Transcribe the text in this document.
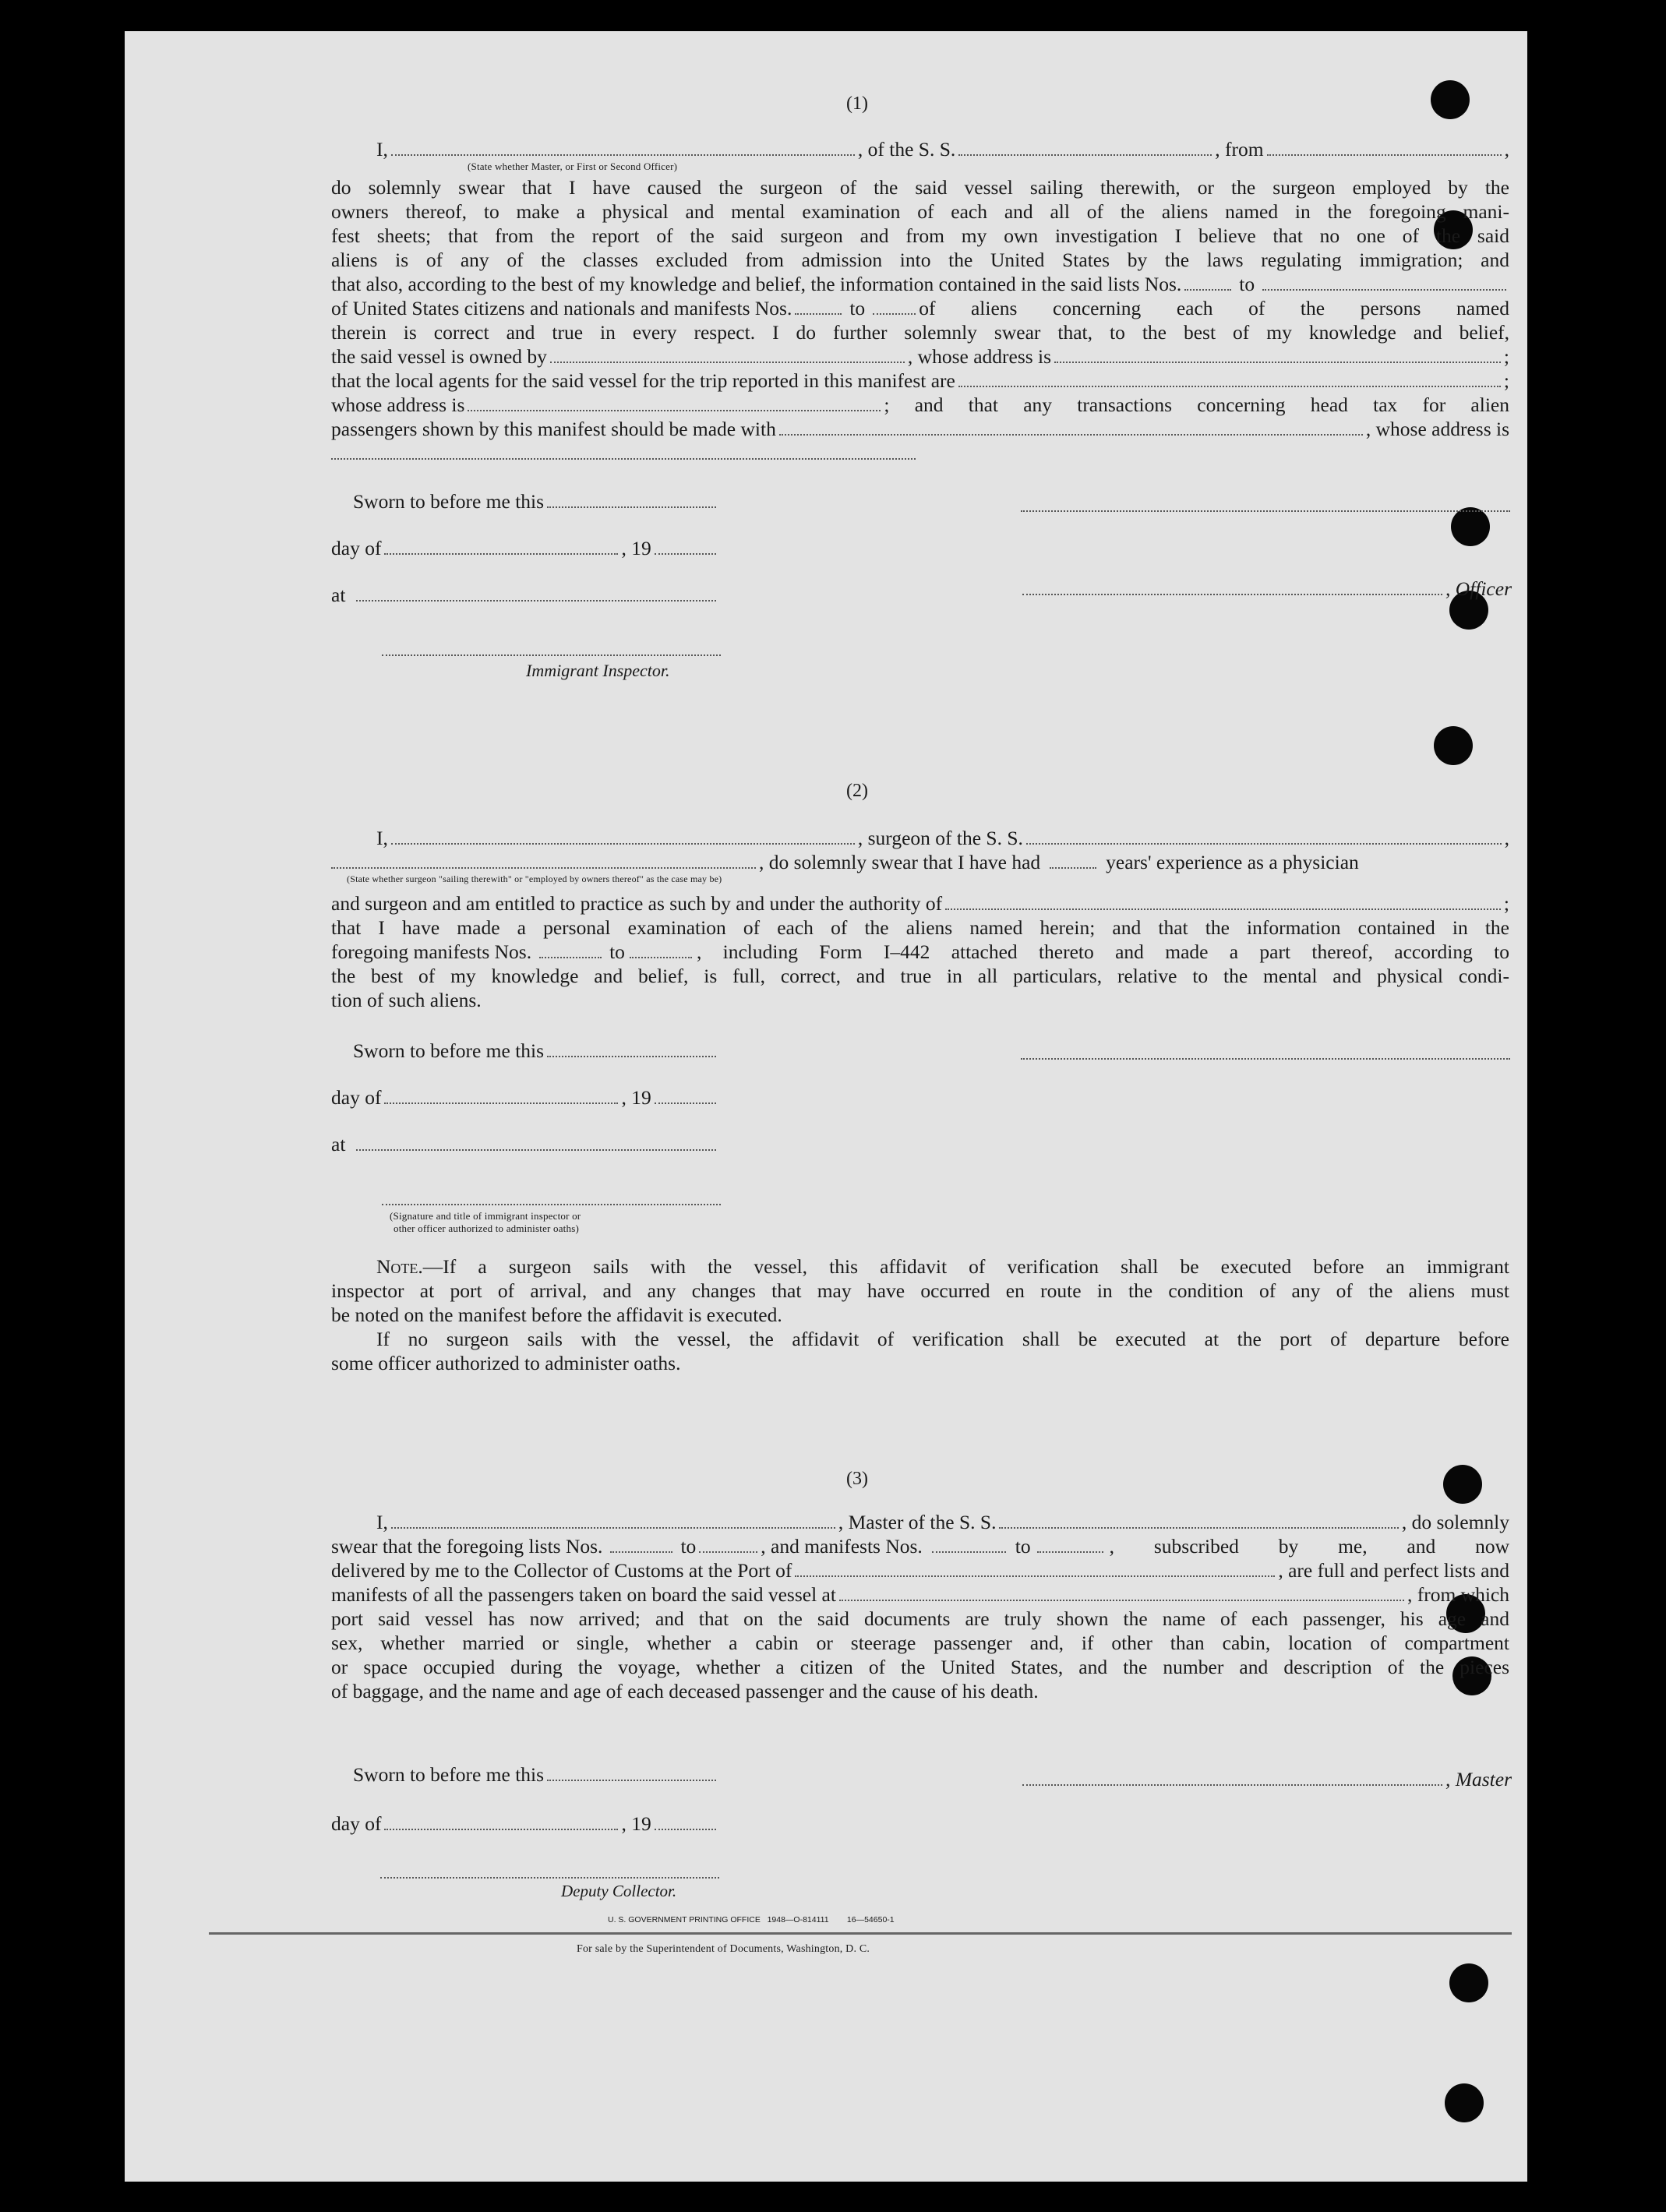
(1)
I,	, of the S. S.	, from	,
(State whether Master, or First or Second Officer)
do solemnly swear that I have caused the surgeon of the said vessel sailing therewith, or the surgeon employed by the
owners thereof, to make a physical and mental examination of each and all of the aliens named in the foregoing mani-
fest sheets; that from the report of the said surgeon and from my own investigation I believe that no one of the said
aliens is of any of the classes excluded from admission into the United States by the laws regulating immigration; and
that also, according to the best of my knowledge and belief, the information contained in the said lists Nos.	to
of United States citizens and nationals and manifests Nos.	to	of aliens concerning each of the persons named
therein is correct and true in every respect. I do further solemnly swear that, to the best of my knowledge and belief,
the said vessel is owned by	, whose address is	;
that the local agents for the said vessel for the trip reported in this manifest are	;
whose address is	; and that any transactions concerning head tax for alien
passengers shown by this manifest should be made with	, whose address is
Sworn to before me this
day of	, 19
at
Immigrant Inspector.
, Officer
(2)
I,	, surgeon of the S. S.	,
, do solemnly swear that I have had	years' experience as a physician
(State whether surgeon "sailing therewith" or "employed by owners thereof" as the case may be)
and surgeon and am entitled to practice as such by and under the authority of	;
that I have made a personal examination of each of the aliens named herein; and that the information contained in the
foregoing manifests Nos.	to	, including Form I–442 attached thereto and made a part thereof, according to
the best of my knowledge and belief, is full, correct, and true in all particulars, relative to the mental and physical condi-
tion of such aliens.
Sworn to before me this
day of	, 19
at
(Signature and title of immigrant inspector or
other officer authorized to administer oaths)
Note. —If a surgeon sails with the vessel, this affidavit of verification shall be executed before an immigrant
inspector at port of arrival, and any changes that may have occurred en route in the condition of any of the aliens must
be noted on the manifest before the affidavit is executed.
If no surgeon sails with the vessel, the affidavit of verification shall be executed at the port of departure before
some officer authorized to administer oaths.
(3)
I,	, Master of the S. S.	, do solemnly
swear that the foregoing lists Nos.	to	, and manifests Nos.	to	, subscribed by me, and now
delivered by me to the Collector of Customs at the Port of	, are full and perfect lists and
manifests of all the passengers taken on board the said vessel at	, from which
port said vessel has now arrived; and that on the said documents are truly shown the name of each passenger, his age and
sex, whether married or single, whether a cabin or steerage passenger and, if other than cabin, location of compartment
or space occupied during the voyage, whether a citizen of the United States, and the number and description of the pieces
of baggage, and the name and age of each deceased passenger and the cause of his death.
Sworn to before me this	, Master
day of	, 19
Deputy Collector.
U. S. GOVERNMENT PRINTING OFFICE   1948—O-814111        16—54650-1
For sale by the Superintendent of Documents, Washington, D. C.
